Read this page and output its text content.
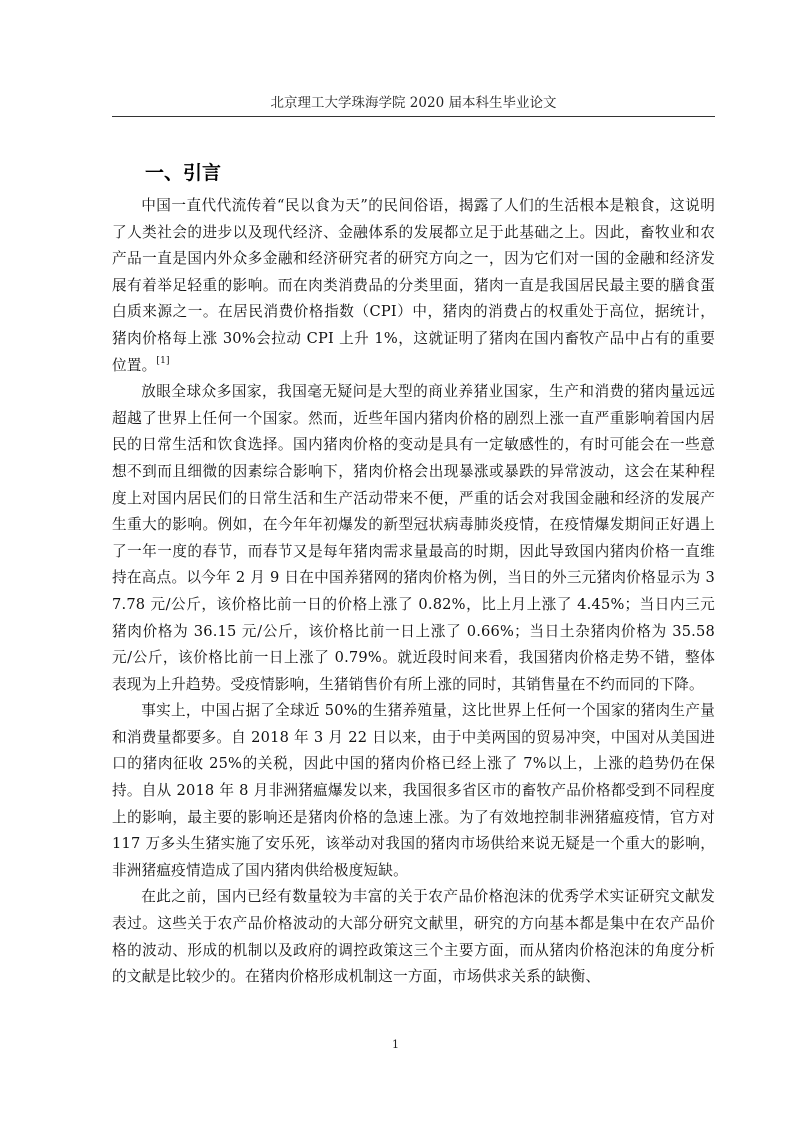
北京理工大学珠海学院 2020 届本科生毕业论文
一、引言

中国一直代代流传着“民以食为天”的民间俗语，揭露了人们的生活根本是粮食，这说明了人类社会的进步以及现代经济、金融体系的发展都立足于此基础之上。因此，畜牧业和农产品一直是国内外众多金融和经济研究者的研究方向之一，因为它们对一国的金融和经济发展有着举足轻重的影响。而在肉类消费品的分类里面，猪肉一直是我国居民最主要的膳食蛋白质来源之一。在居民消费价格指数（CPI）中，猪肉的消费占的权重处于高位，据统计，猪肉价格每上涨 30%会拉动 CPI 上升 1%，这就证明了猪肉在国内畜牧产品中占有的重要位置。[1]

放眼全球众多国家，我国毫无疑问是大型的商业养猪业国家，生产和消费的猪肉量远远超越了世界上任何一个国家。然而，近些年国内猪肉价格的剧烈上涨一直严重影响着国内居民的日常生活和饮食选择。国内猪肉价格的变动是具有一定敏感性的，有时可能会在一些意想不到而且细微的因素综合影响下，猪肉价格会出现暴涨或暴跌的异常波动，这会在某种程度上对国内居民们的日常生活和生产活动带来不便，严重的话会对我国金融和经济的发展产生重大的影响。例如，在今年年初爆发的新型冠状病毒肺炎疫情，在疫情爆发期间正好遇上了一年一度的春节，而春节又是每年猪肉需求量最高的时期，因此导致国内猪肉价格一直维持在高点。以今年 2 月 9 日在中国养猪网的猪肉价格为例，当日的外三元猪肉价格显示为 37.78 元/公斤，该价格比前一日的价格上涨了 0.82%，比上月上涨了 4.45%；当日内三元猪肉价格为 36.15 元/公斤，该价格比前一日上涨了 0.66%；当日土杂猪肉价格为 35.58 元/公斤，该价格比前一日上涨了 0.79%。就近段时间来看，我国猪肉价格走势不错，整体表现为上升趋势。受疫情影响，生猪销售价有所上涨的同时，其销售量在不约而同的下降。

事实上，中国占据了全球近 50%的生猪养殖量，这比世界上任何一个国家的猪肉生产量和消费量都要多。自 2018 年 3 月 22 日以来，由于中美两国的贸易冲突，中国对从美国进口的猪肉征收 25%的关税，因此中国的猪肉价格已经上涨了 7%以上，上涨的趋势仍在保持。自从 2018 年 8 月非洲猪瘟爆发以来，我国很多省区市的畜牧产品价格都受到不同程度上的影响，最主要的影响还是猪肉价格的急速上涨。为了有效地控制非洲猪瘟疫情，官方对 117 万多头生猪实施了安乐死，该举动对我国的猪肉市场供给来说无疑是一个重大的影响，非洲猪瘟疫情造成了国内猪肉供给极度短缺。

在此之前，国内已经有数量较为丰富的关于农产品价格泡沫的优秀学术实证研究文献发表过。这些关于农产品价格波动的大部分研究文献里，研究的方向基本都是集中在农产品价格的波动、形成的机制以及政府的调控政策这三个主要方面，而从猪肉价格泡沫的角度分析的文献是比较少的。在猪肉价格形成机制这一方面，市场供求关系的缺衡、

1
